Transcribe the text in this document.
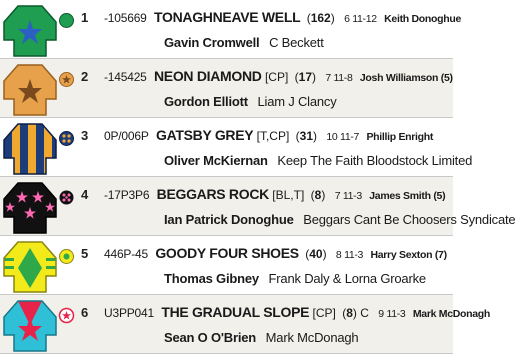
1 -105669 TONAGHNEAVE WELL (162) 6 11-12 Keith Donoghue
Gavin Cromwell C Beckett
2 -145425 NEON DIAMOND [CP] (17) 7 11-8 Josh Williamson (5)
Gordon Elliott Liam J Clancy
3 0P/006P GATSBY GREY [T,CP] (31) 10 11-7 Phillip Enright
Oliver McKiernan Keep The Faith Bloodstock Limited
4 -17P3P6 BEGGARS ROCK [BL,T] (8) 7 11-3 James Smith (5)
Ian Patrick Donoghue Beggars Cant Be Choosers Syndicate
5 446P-45 GOODY FOUR SHOES (40) 8 11-3 Harry Sexton (7)
Thomas Gibney Frank Daly & Lorna Groarke
6 U3PP041 THE GRADUAL SLOPE [CP] (8) C 9 11-3 Mark McDonagh
Sean O O'Brien Mark McDonagh
